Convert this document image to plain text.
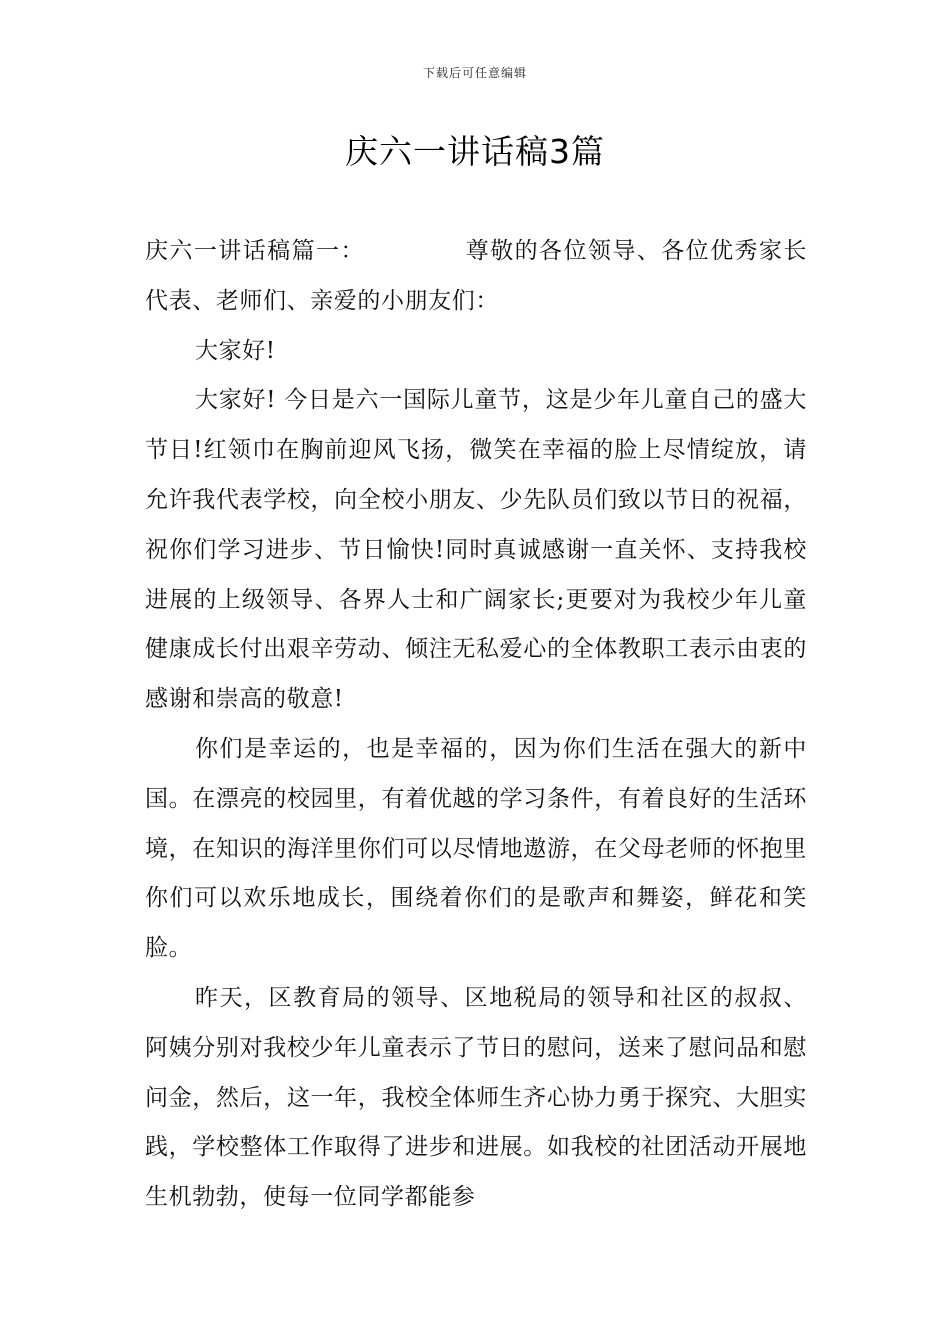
下载后可任意编辑
庆六一讲话稿3篇

庆六一讲话稿篇一：	尊敬的各位领导、各位优秀家长代表、老师们、亲爱的小朋友们：

大家好!

大家好! 今日是六一国际儿童节，这是少年儿童自己的盛大节日!红领巾在胸前迎风飞扬，微笑在幸福的脸上尽情绽放，请允许我代表学校，向全校小朋友、少先队员们致以节日的祝福，祝你们学习进步、节日愉快!同时真诚感谢一直关怀、支持我校进展的上级领导、各界人士和广阔家长;更要对为我校少年儿童健康成长付出艰辛劳动、倾注无私爱心的全体教职工表示由衷的感谢和崇高的敬意!

你们是幸运的，也是幸福的，因为你们生活在强大的新中国。在漂亮的校园里，有着优越的学习条件，有着良好的生活环境，在知识的海洋里你们可以尽情地遨游，在父母老师的怀抱里你们可以欢乐地成长，围绕着你们的是歌声和舞姿，鲜花和笑脸。

昨天，区教育局的领导、区地税局的领导和社区的叔叔、阿姨分别对我校少年儿童表示了节日的慰问，送来了慰问品和慰问金，然后，这一年，我校全体师生齐心协力勇于探究、大胆实践，学校整体工作取得了进步和进展。如我校的社团活动开展地生机勃勃，使每一位同学都能参
